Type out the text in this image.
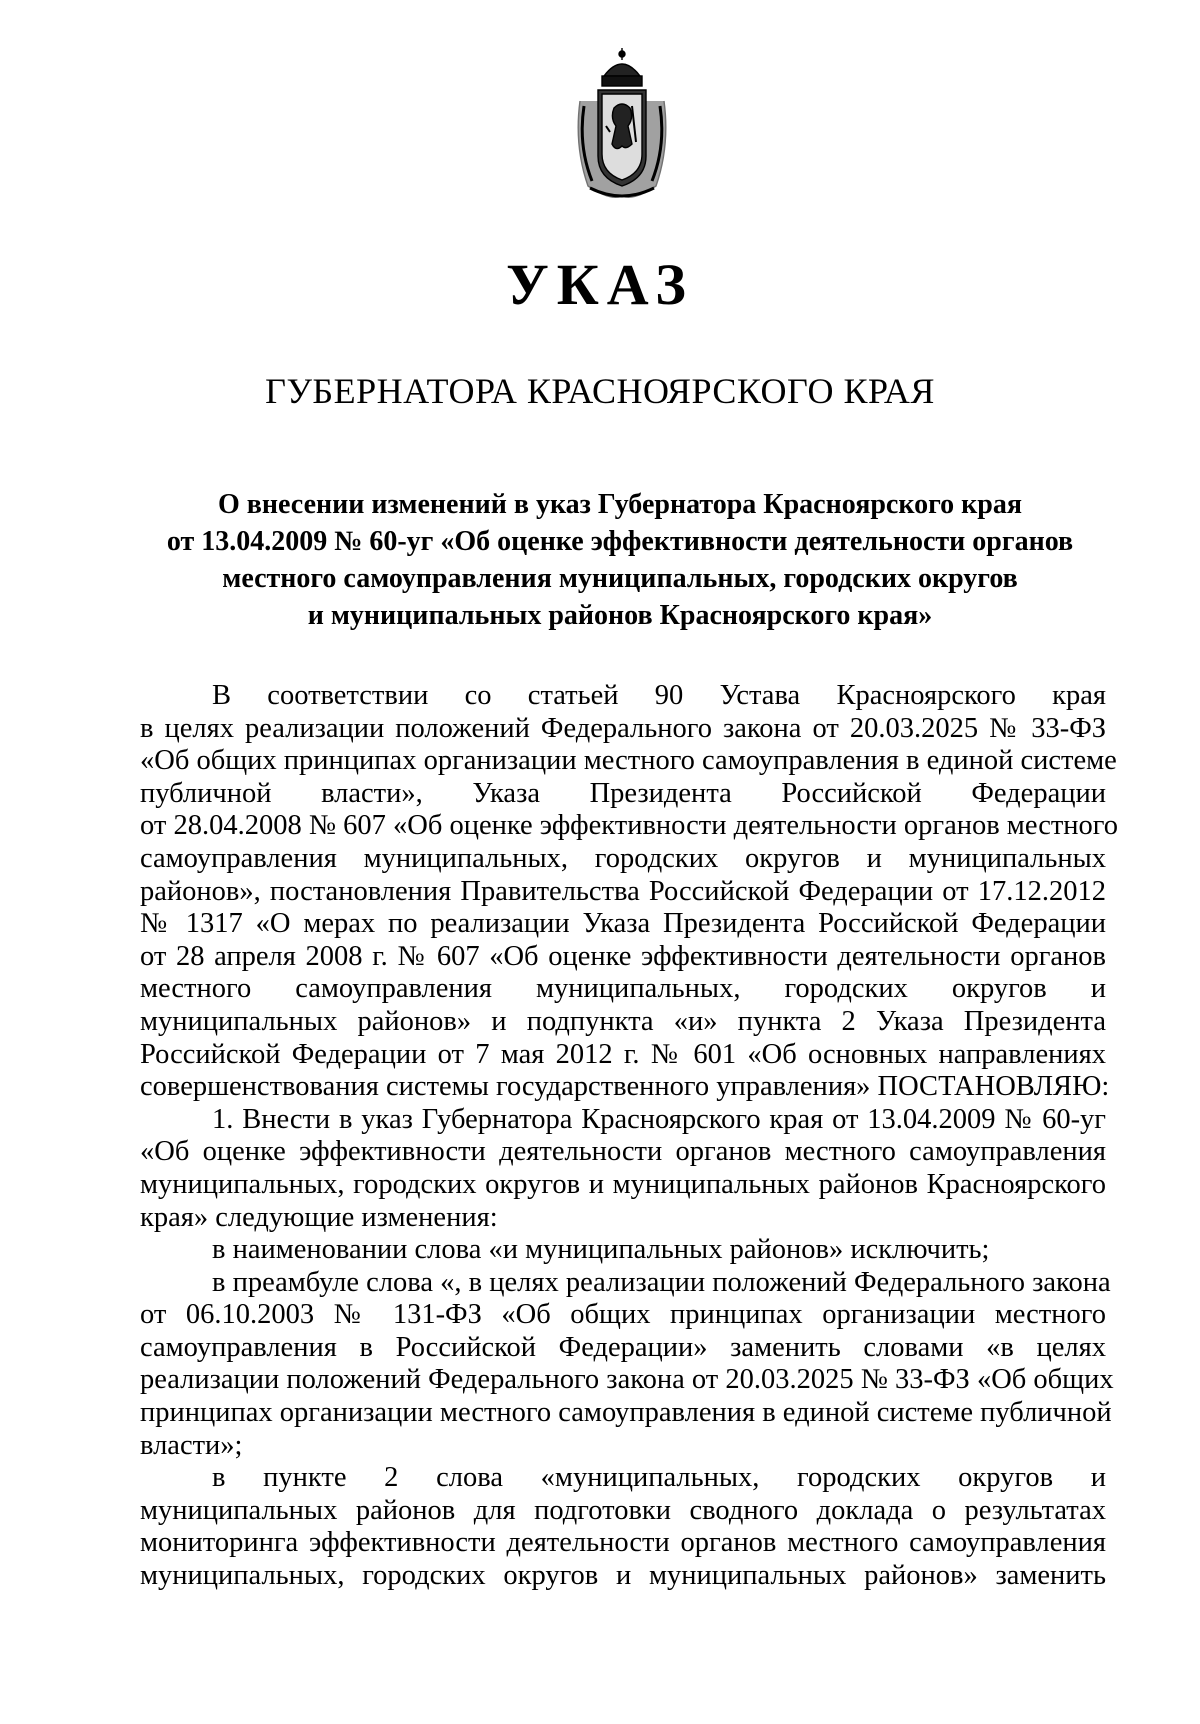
УКАЗ
ГУБЕРНАТОРА КРАСНОЯРСКОГО КРАЯ
О внесении изменений в указ Губернатора Красноярского края
от 13.04.2009 № 60-уг «Об оценке эффективности деятельности органов
местного самоуправления муниципальных, городских округов
и муниципальных районов Красноярского края»

В соответствии со статьей 90 Устава Красноярского края
в целях реализации положений Федерального закона от 20.03.2025 № 33-ФЗ
«Об общих принципах организации местного самоуправления в единой системе
публичной власти», Указа Президента Российской Федерации
от 28.04.2008 № 607 «Об оценке эффективности деятельности органов местного
самоуправления муниципальных, городских округов и муниципальных
районов», постановления Правительства Российской Федерации от 17.12.2012
№ 1317 «О мерах по реализации Указа Президента Российской Федерации
от 28 апреля 2008 г. № 607 «Об оценке эффективности деятельности органов
местного самоуправления муниципальных, городских округов и
муниципальных районов» и подпункта «и» пункта 2 Указа Президента
Российской Федерации от 7 мая 2012 г. № 601 «Об основных направлениях
совершенствования системы государственного управления» ПОСТАНОВЛЯЮ:

1. Внести в указ Губернатора Красноярского края от 13.04.2009 № 60-уг
«Об оценке эффективности деятельности органов местного самоуправления
муниципальных, городских округов и муниципальных районов Красноярского
края» следующие изменения:

в наименовании слова «и муниципальных районов» исключить;

в преамбуле слова «, в целях реализации положений Федерального закона
от 06.10.2003 № 131-ФЗ «Об общих принципах организации местного
самоуправления в Российской Федерации» заменить словами «в целях
реализации положений Федерального закона от 20.03.2025 № 33-ФЗ «Об общих
принципах организации местного самоуправления в единой системе публичной
власти»;

в пункте 2 слова «муниципальных, городских округов и
муниципальных районов для подготовки сводного доклада о результатах
мониторинга эффективности деятельности органов местного самоуправления
муниципальных, городских округов и муниципальных районов» заменить
